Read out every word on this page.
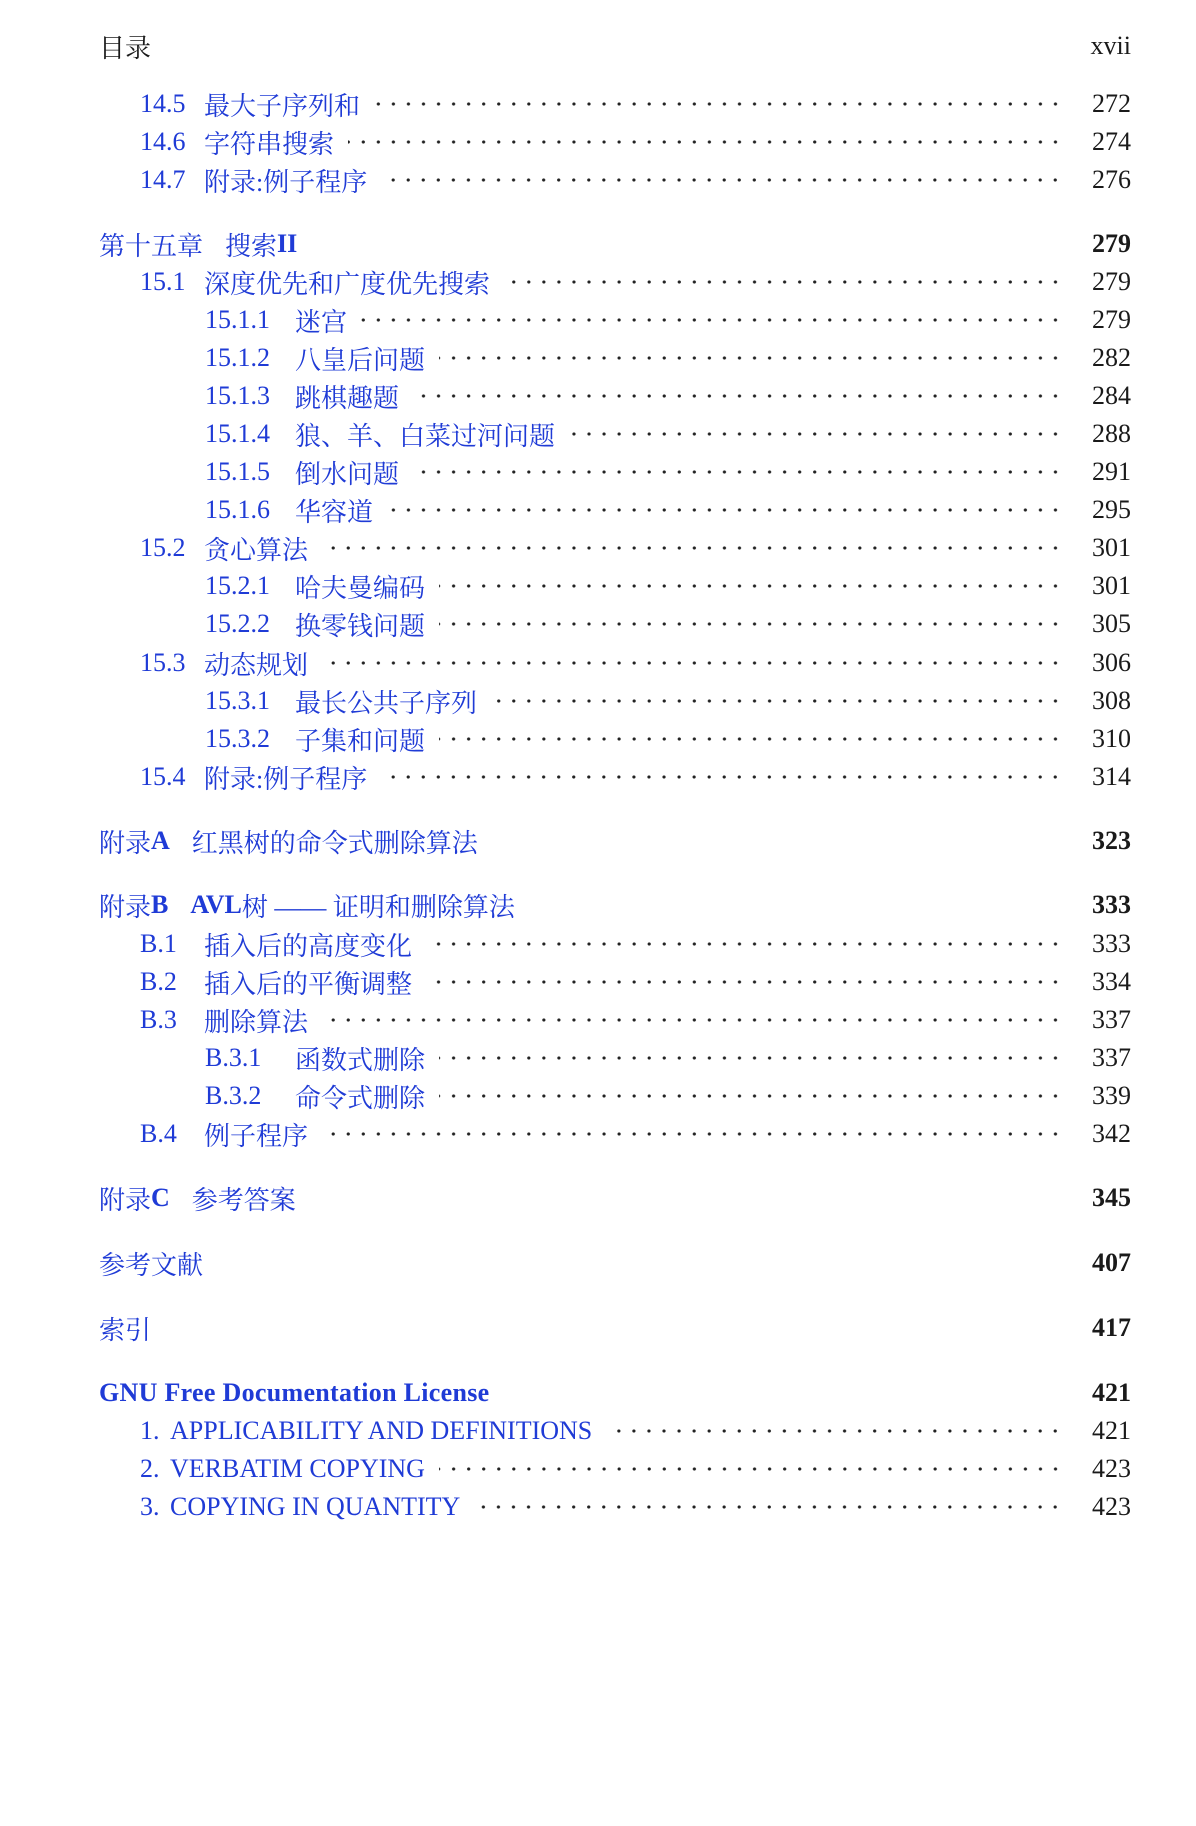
目录	xvii
14.5 最大子序列和	272
14.6 字符串搜索	274
14.7 附录:例子程序	276
第十五章 搜索 II	279
15.1 深度优先和广度优先搜索	279
15.1.1 迷宫	279
15.1.2 八皇后问题	282
15.1.3 跳棋趣题	284
15.1.4 狼、羊、白菜过河问题	288
15.1.5 倒水问题	291
15.1.6 华容道	295
15.2 贪心算法	301
15.2.1 哈夫曼编码	301
15.2.2 换零钱问题	305
15.3 动态规划	306
15.3.1 最长公共子序列	308
15.3.2 子集和问题	310
15.4 附录:例子程序	314
附录 A 红黑树的命令式删除算法	323
附录 B AVL 树 —— 证明和删除算法	333
B.1	插入后的高度变化	333
B.2	插入后的平衡调整	334
B.3	删除算法	337
B.3.1	函数式删除	337
B.3.2	命令式删除	339
B.4	例子程序	342
附录 C 参考答案	345
参考文献	407
索引	417
GNU Free Documentation License	421
1. APPLICABILITY AND DEFINITIONS	421
2. VERBATIM COPYING	423
3. COPYING IN QUANTITY	423
